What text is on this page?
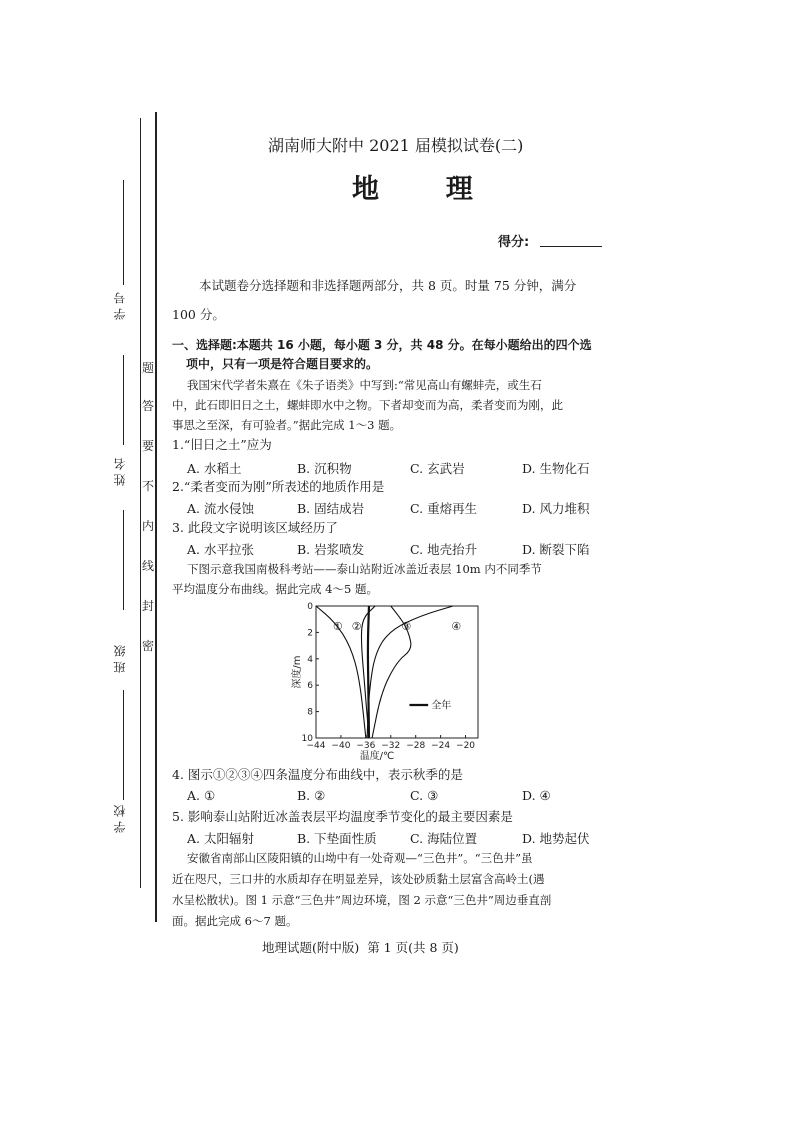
学 号
姓 名
班 级
学 校
题
答
要
不
内
线
封
密
湖南师大附中 2021 届模拟试卷(二)
地  理
得分:
本试题卷分选择题和非选择题两部分，共 8 页。时量 75 分钟，满分
100 分。
一、选择题:本题共 16 小题，每小题 3 分，共 48 分。在每小题给出的四个选
项中，只有一项是符合题目要求的。
我国宋代学者朱熹在《朱子语类》中写到:“常见高山有螺蚌壳，或生石
中，此石即旧日之土，螺蚌即水中之物。下者却变而为高，柔者变而为刚，此
事思之至深，有可验者。”据此完成 1～3 题。
1.“旧日之土”应为
A. 水稻土	B. 沉积物	C. 玄武岩	D. 生物化石
2.“柔者变而为刚”所表述的地质作用是
A. 流水侵蚀	B. 固结成岩	C. 重熔再生	D. 风力堆积
3. 此段文字说明该区域经历了
A. 水平拉张	B. 岩浆喷发	C. 地壳抬升	D. 断裂下陷
下图示意我国南极科考站——泰山站附近冰盖近表层 10m 内不同季节
平均温度分布曲线。据此完成 4～5 题。
−44 −40 −36 −32 −28 −24 −20
0
2
4
6
8
10
温度/℃
深度/m
① ②	③	④
全年
4. 图示①②③④四条温度分布曲线中，表示秋季的是
A. ①	B. ②	C. ③	D. ④
5. 影响泰山站附近冰盖表层平均温度季节变化的最主要因素是
A. 太阳辐射	B. 下垫面性质	C. 海陆位置	D. 地势起伏
安徽省南部山区陵阳镇的山坳中有一处奇观—“三色井”。“三色井”虽
近在咫尺，三口井的水质却存在明显差异，该处砂质黏土层富含高岭土(遇
水呈松散状)。图 1 示意“三色井”周边环境，图 2 示意“三色井”周边垂直剖
面。据此完成 6～7 题。
地理试题(附中版)  第 1 页(共 8 页)
